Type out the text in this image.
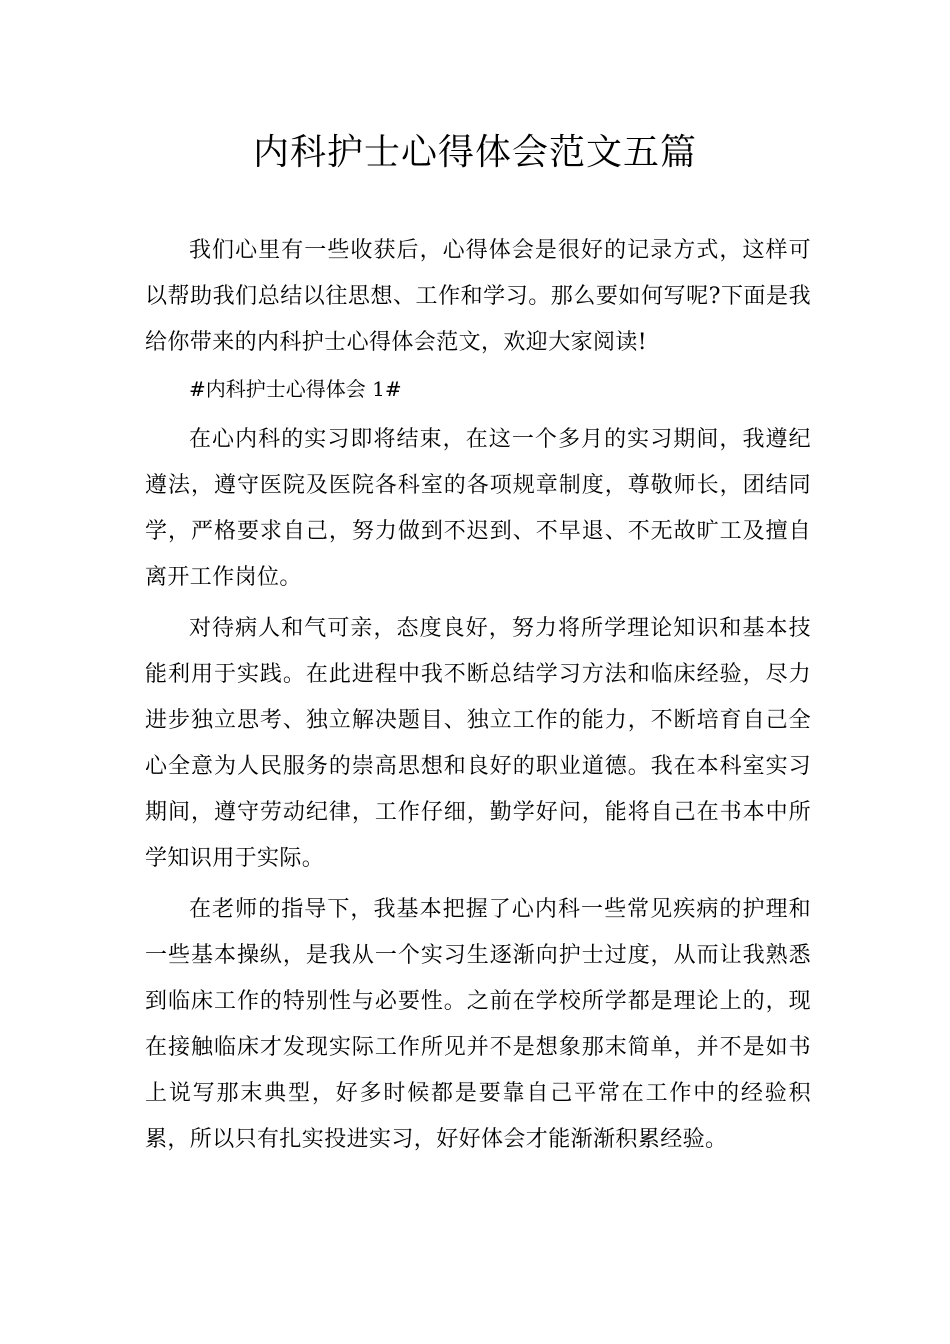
内科护士心得体会范文五篇

我们心里有一些收获后，心得体会是很好的记录方式，这样可以帮助我们总结以往思想、工作和学习。那么要如何写呢?下面是我给你带来的内科护士心得体会范文，欢迎大家阅读!

#内科护士心得体会 1#

在心内科的实习即将结束，在这一个多月的实习期间，我遵纪遵法，遵守医院及医院各科室的各项规章制度，尊敬师长，团结同学，严格要求自己，努力做到不迟到、不早退、不无故旷工及擅自离开工作岗位。

对待病人和气可亲，态度良好，努力将所学理论知识和基本技能利用于实践。在此进程中我不断总结学习方法和临床经验，尽力进步独立思考、独立解决题目、独立工作的能力，不断培育自己全心全意为人民服务的崇高思想和良好的职业道德。我在本科室实习期间，遵守劳动纪律，工作仔细，勤学好问，能将自己在书本中所学知识用于实际。

在老师的指导下，我基本把握了心内科一些常见疾病的护理和一些基本操纵，是我从一个实习生逐渐向护士过度，从而让我熟悉到临床工作的特别性与必要性。之前在学校所学都是理论上的，现在接触临床才发现实际工作所见并不是想象那末简单，并不是如书上说写那末典型，好多时候都是要靠自己平常在工作中的经验积累，所以只有扎实投进实习，好好体会才能渐渐积累经验。
